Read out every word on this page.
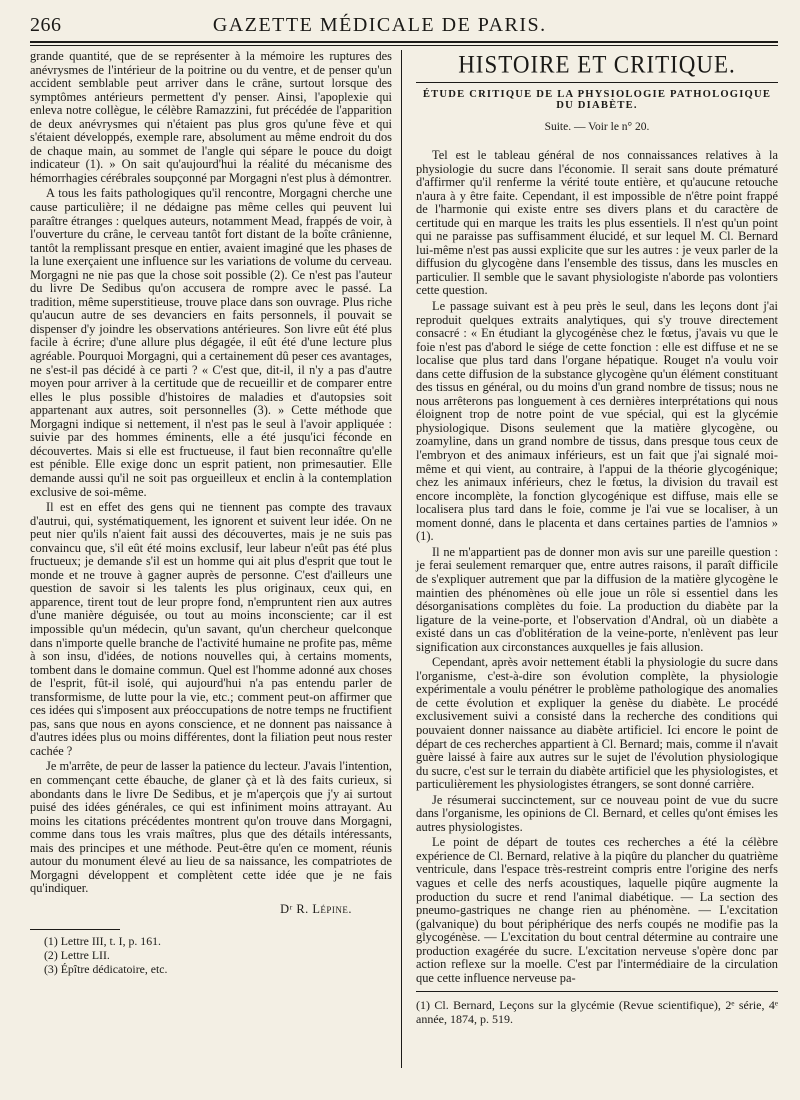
266	GAZETTE MÉDICALE DE PARIS.

grande quantité, que de se représenter à la mémoire les ruptures des anévrysmes de l'intérieur de la poitrine ou du ventre, et de penser qu'un accident semblable peut arriver dans le crâne, surtout lorsque des symptômes antérieurs permettent d'y penser. Ainsi, l'apoplexie qui enleva notre collègue, le célèbre Ramazzini, fut précédée de l'apparition de deux anévrysmes qui n'étaient pas plus gros qu'une fève et qui s'étaient développés, exemple rare, absolument au même endroit du dos de chaque main, au sommet de l'angle qui sépare le pouce du doigt indicateur (1). » On sait qu'aujourd'hui la réalité du mécanisme des hémorrhagies cérébrales soupçonné par Morgagni n'est plus à démontrer.

A tous les faits pathologiques qu'il rencontre, Morgagni cherche une cause particulière; il ne dédaigne pas même celles qui peuvent lui paraître étranges : quelques auteurs, notamment Mead, frappés de voir, à l'ouverture du crâne, le cerveau tantôt fort distant de la boîte crânienne, tantôt la remplissant presque en entier, avaient imaginé que les phases de la lune exerçaient une influence sur les variations de volume du cerveau. Morgagni ne nie pas que la chose soit possible (2). Ce n'est pas l'auteur du livre De Sedibus qu'on accusera de rompre avec le passé. La tradition, même superstitieuse, trouve place dans son ouvrage. Plus riche qu'aucun autre de ses devanciers en faits personnels, il pouvait se dispenser d'y joindre les observations antérieures. Son livre eût été plus facile à écrire; d'une allure plus dégagée, il eût été d'une lecture plus agréable. Pourquoi Morgagni, qui a certainement dû peser ces avantages, ne s'est-il pas décidé à ce parti ? « C'est que, dit-il, il n'y a pas d'autre moyen pour arriver à la certitude que de recueillir et de comparer entre elles le plus possible d'histoires de maladies et d'autopsies soit appartenant aux autres, soit personnelles (3). » Cette méthode que Morgagni indique si nettement, il n'est pas le seul à l'avoir appliquée : suivie par des hommes éminents, elle a été jusqu'ici féconde en découvertes. Mais si elle est fructueuse, il faut bien reconnaître qu'elle est pénible. Elle exige donc un esprit patient, non primesautier. Elle demande aussi qu'il ne soit pas orgueilleux et enclin à la contemplation exclusive de soi-même.

Il est en effet des gens qui ne tiennent pas compte des travaux d'autrui, qui, systématiquement, les ignorent et suivent leur idée. On ne peut nier qu'ils n'aient fait aussi des découvertes, mais je ne suis pas convaincu que, s'il eût été moins exclusif, leur labeur n'eût pas été plus fructueux; je demande s'il est un homme qui ait plus d'esprit que tout le monde et ne trouve à gagner auprès de personne. C'est d'ailleurs une question de savoir si les talents les plus originaux, ceux qui, en apparence, tirent tout de leur propre fond, n'empruntent rien aux autres d'une manière déguisée, ou tout au moins inconsciente; car il est impossible qu'un médecin, qu'un savant, qu'un chercheur quelconque dans n'importe quelle branche de l'activité humaine ne profite pas, même à son insu, d'idées, de notions nouvelles qui, à certains moments, tombent dans le domaine commun. Quel est l'homme adonné aux choses de l'esprit, fût-il isolé, qui aujourd'hui n'a pas entendu parler de transformisme, de lutte pour la vie, etc.; comment peut-on affirmer que ces idées qui s'imposent aux préoccupations de notre temps ne fructifient pas, sans que nous en ayons conscience, et ne donnent pas naissance à d'autres idées plus ou moins différentes, dont la filiation peut nous rester cachée ?

Je m'arrête, de peur de lasser la patience du lecteur. J'avais l'intention, en commençant cette ébauche, de glaner çà et là des faits curieux, si abondants dans le livre De Sedibus, et je m'aperçois que j'y ai surtout puisé des idées générales, ce qui est infiniment moins attrayant. Au moins les citations précédentes montrent qu'on trouve dans Morgagni, comme dans tous les vrais maîtres, plus que des détails intéressants, mais des principes et une méthode. Peut-être qu'en ce moment, réunis autour du monument élevé au lieu de sa naissance, les compatriotes de Morgagni développent et complètent cette idée que je ne fais qu'indiquer.

Dʳ R. Lépine.
(1) Lettre III, t. I, p. 161.
(2) Lettre LII.
(3) Épître dédicatoire, etc.
HISTOIRE ET CRITIQUE.
ÉTUDE CRITIQUE DE LA PHYSIOLOGIE PATHOLOGIQUE DU DIABÈTE.
Suite. — Voir le n° 20.

Tel est le tableau général de nos connaissances relatives à la physiologie du sucre dans l'économie. Il serait sans doute prématuré d'affirmer qu'il renferme la vérité toute entière, et qu'aucune retouche n'aura à y être faite. Cependant, il est impossible de n'être point frappé de l'harmonie qui existe entre ses divers plans et du caractère de certitude qui en marque les traits les plus essentiels. Il n'est qu'un point qui ne paraisse pas suffisamment élucidé, et sur lequel M. Cl. Bernard lui-même n'est pas aussi explicite que sur les autres : je veux parler de la diffusion du glycogène dans l'ensemble des tissus, dans les muscles en particulier. Il semble que le savant physiologiste n'aborde pas volontiers cette question.

Le passage suivant est à peu près le seul, dans les leçons dont j'ai reproduit quelques extraits analytiques, qui s'y trouve directement consacré : « En étudiant la glycogénèse chez le fœtus, j'avais vu que le foie n'est pas d'abord le siége de cette fonction : elle est diffuse et ne se localise que plus tard dans l'organe hépatique. Rouget n'a voulu voir dans cette diffusion de la substance glycogène qu'un élément constituant des tissus en général, ou du moins d'un grand nombre de tissus; nous ne nous arrêterons pas longuement à ces dernières interprétations qui nous éloignent trop de notre point de vue spécial, qui est la glycémie physiologique. Disons seulement que la matière glycogène, ou zoamyline, dans un grand nombre de tissus, dans presque tous ceux de l'embryon et des animaux inférieurs, est un fait que j'ai signalé moi-même et qui vient, au contraire, à l'appui de la théorie glycogénique; chez les animaux inférieurs, chez le fœtus, la division du travail est encore incomplète, la fonction glycogénique est diffuse, mais elle se localisera plus tard dans le foie, comme je l'ai vue se localiser, à un moment donné, dans le placenta et dans certaines parties de l'amnios » (1).

Il ne m'appartient pas de donner mon avis sur une pareille question : je ferai seulement remarquer que, entre autres raisons, il paraît difficile de s'expliquer autrement que par la diffusion de la matière glycogène le maintien des phénomènes où elle joue un rôle si essentiel dans les désorganisations complètes du foie. La production du diabète par la ligature de la veine-porte, et l'observation d'Andral, où un diabète a existé dans un cas d'oblitération de la veine-porte, n'enlèvent pas leur signification aux circonstances auxquelles je fais allusion.

Cependant, après avoir nettement établi la physiologie du sucre dans l'organisme, c'est-à-dire son évolution complète, la physiologie expérimentale a voulu pénétrer le problème pathologique des anomalies de cette évolution et expliquer la genèse du diabète. Le procédé exclusivement suivi a consisté dans la recherche des conditions qui pouvaient donner naissance au diabète artificiel. Ici encore le point de départ de ces recherches appartient à Cl. Bernard; mais, comme il n'avait guère laissé à faire aux autres sur le sujet de l'évolution physiologique du sucre, c'est sur le terrain du diabète artificiel que les physiologistes, et particulièrement les physiologistes étrangers, se sont donné carrière.

Je résumerai succinctement, sur ce nouveau point de vue du sucre dans l'organisme, les opinions de Cl. Bernard, et celles qu'ont émises les autres physiologistes.

Le point de départ de toutes ces recherches a été la célèbre expérience de Cl. Bernard, relative à la piqûre du plancher du quatrième ventricule, dans l'espace très-restreint compris entre l'origine des nerfs vagues et celle des nerfs acoustiques, laquelle piqûre augmente la production du sucre et rend l'animal diabétique. — La section des pneumo-gastriques ne change rien au phénomène. — L'excitation (galvanique) du bout périphérique des nerfs coupés ne modifie pas la glycogénèse. — L'excitation du bout central détermine au contraire une production exagérée du sucre. L'excitation nerveuse s'opère donc par action reflexe sur la moelle. C'est par l'intermédiaire de la circulation que cette influence nerveuse pa-

(1) Cl. Bernard, Leçons sur la glycémie (Revue scientifique), 2ᵉ série, 4ᵉ année, 1874, p. 519.
